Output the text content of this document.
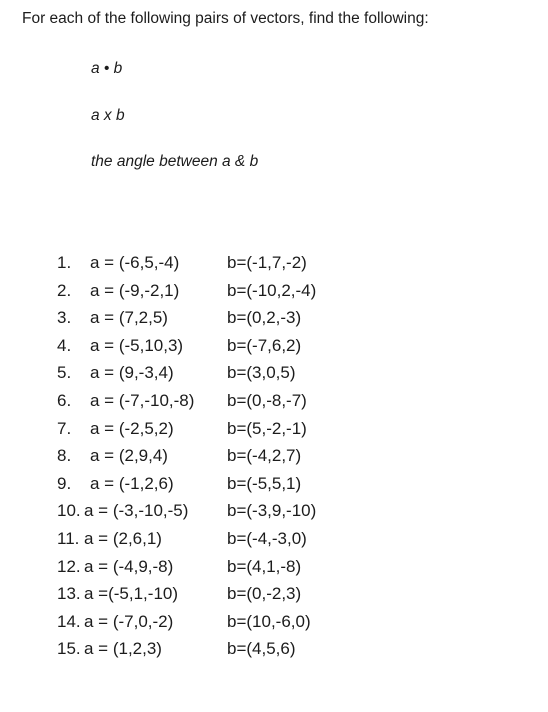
For each of the following pairs of vectors, find the following:
a • b
a x b
the angle between a & b
1. a = (-6,5,-4)	b=(-1,7,-2)
2. a = (-9,-2,1)	b=(-10,2,-4)
3. a = (7,2,5)	b=(0,2,-3)
4. a = (-5,10,3)	b=(-7,6,2)
5. a = (9,-3,4)	b=(3,0,5)
6. a = (-7,-10,-8) b=(0,-8,-7)
7. a = (-2,5,2)	b=(5,-2,-1)
8. a = (2,9,4)	b=(-4,2,7)
9. a = (-1,2,6)	b=(-5,5,1)
10. a = (-3,-10,-5) b=(-3,9,-10)
11. a = (2,6,1)	b=(-4,-3,0)
12. a = (-4,9,-8)	b=(4,1,-8)
13. a =(-5,1,-10)	b=(0,-2,3)
14. a = (-7,0,-2)	b=(10,-6,0)
15. a = (1,2,3)	b=(4,5,6)
